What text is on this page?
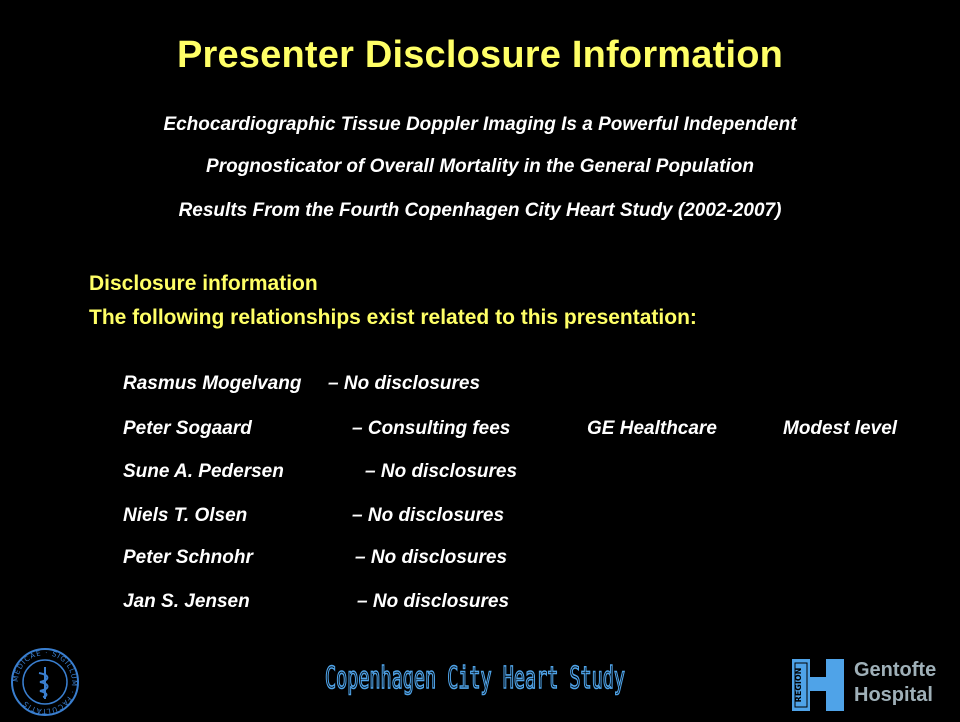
Presenter Disclosure Information
Echocardiographic Tissue Doppler Imaging Is a Powerful Independent
Prognosticator of Overall Mortality in the General Population
Results From the Fourth Copenhagen City Heart Study (2002-2007)
Disclosure information
The following relationships exist related to this presentation:
Rasmus Mogelvang – No disclosures
Peter Sogaard	– Consulting fees	GE Healthcare	Modest level
Sune A. Pedersen	– No disclosures
Niels T. Olsen	– No disclosures
Peter Schnohr	– No disclosures
Jan S. Jensen	– No disclosures
MEDICAE · SIGILLUM · FACULTATIS
Copenhagen City Heart Study	REGION	Gentofte
Hospital
